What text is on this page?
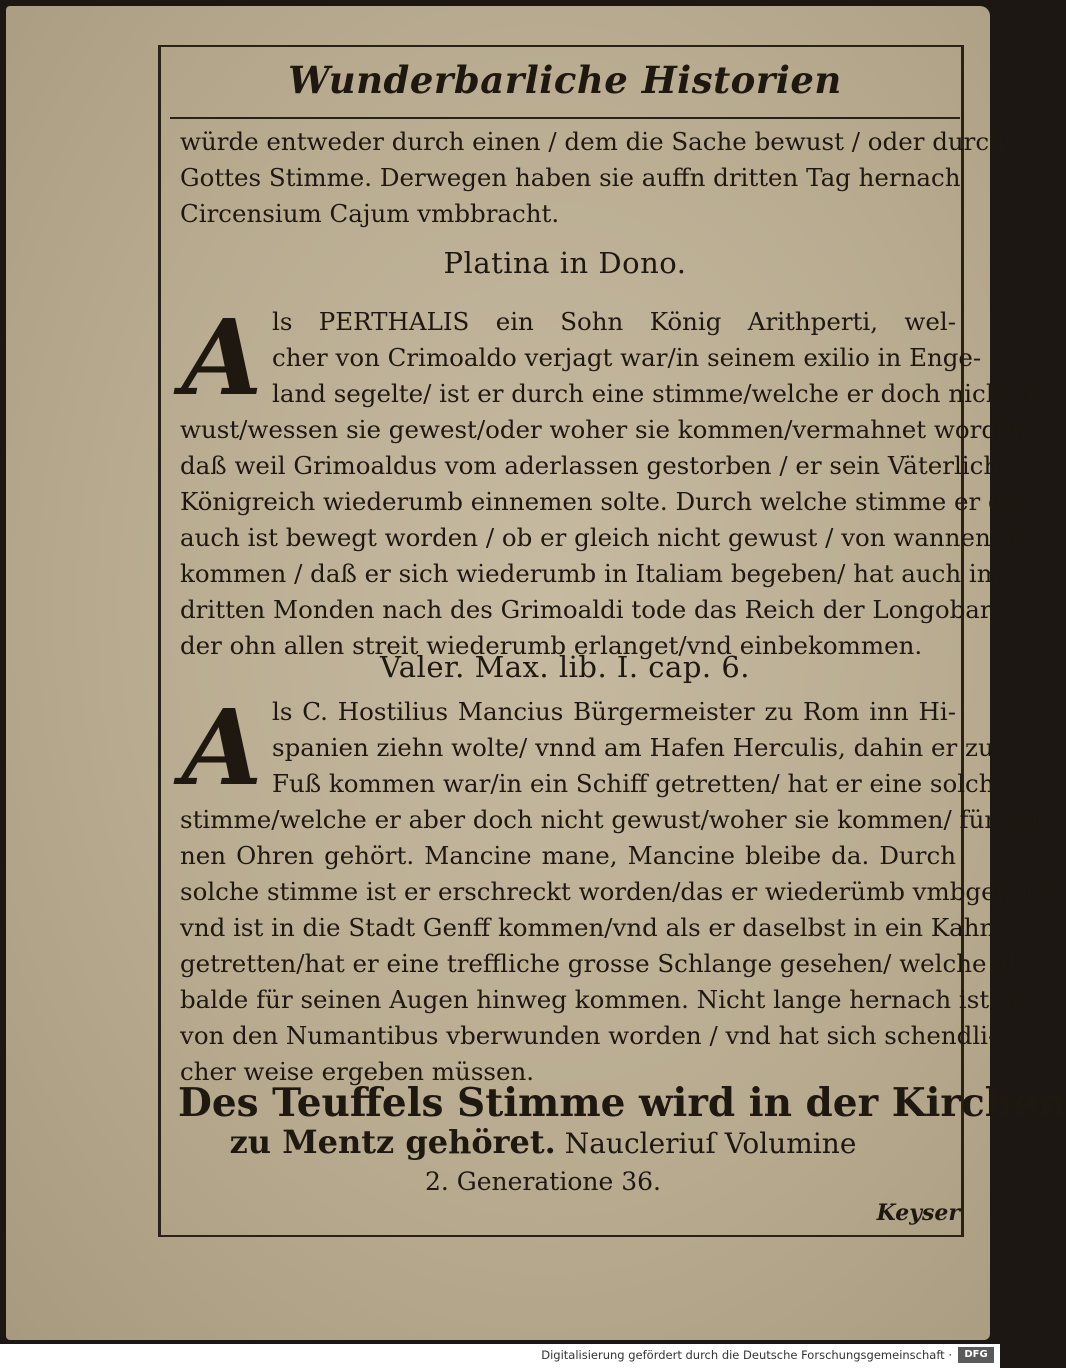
Wunderbarliche Historien
würde entweder durch einen / dem die Sache bewust / oder durch
Gottes Stimme. Derwegen haben sie auffn dritten Tag hernach
Circensium Cajum vmbbracht.
Platina in Dono.
A ls PERTHALIS ein Sohn König Arithperti, wel-
cher von Crimoaldo verjagt war/in seinem exilio in Enge-
land segelte/ ist er durch eine stimme/welche er doch nicht ge-
wust/wessen sie gewest/oder woher sie kommen/vermahnet worden/
daß weil Grimoaldus vom aderlassen gestorben / er sein Väterlich
Königreich wiederumb einnemen solte. Durch welche stimme er daū
auch ist bewegt worden / ob er gleich nicht gewust / von wannen sie
kommen / daß er sich wiederumb in Italiam begeben/ hat auch im
dritten Monden nach des Grimoaldi tode das Reich der Longobar-
der ohn allen streit wiederumb erlanget/vnd einbekommen.
Valer. Max. lib. I. cap. 6.
A ls C. Hostilius Mancius Bürgermeister zu Rom inn Hi-
spanien ziehn wolte/ vnnd am Hafen Herculis, dahin er zu
Fuß kommen war/in ein Schiff getretten/ hat er eine solche
stimme/welche er aber doch nicht gewust/woher sie kommen/ für sei-
nen Ohren gehört. Mancine mane, Mancine bleibe da. Durch
solche stimme ist er erschreckt worden/das er wiederümb vmbgekert/
vnd ist in die Stadt Genff kommen/vnd als er daselbst in ein Kahn
getretten/hat er eine treffliche grosse Schlange gesehen/ welche alß-
balde für seinen Augen hinweg kommen. Nicht lange hernach ist er
von den Numantibus vberwunden worden / vnd hat sich schendli-
cher weise ergeben müssen.
Des Teuffels Stimme wird in der Kirchen
zu Mentz gehöret. Naucleriuſ Volumine
2. Generatione 36.
Keyser
Digitalisierung gefördert durch die Deutsche Forschungsgemeinschaft ·	DFG
